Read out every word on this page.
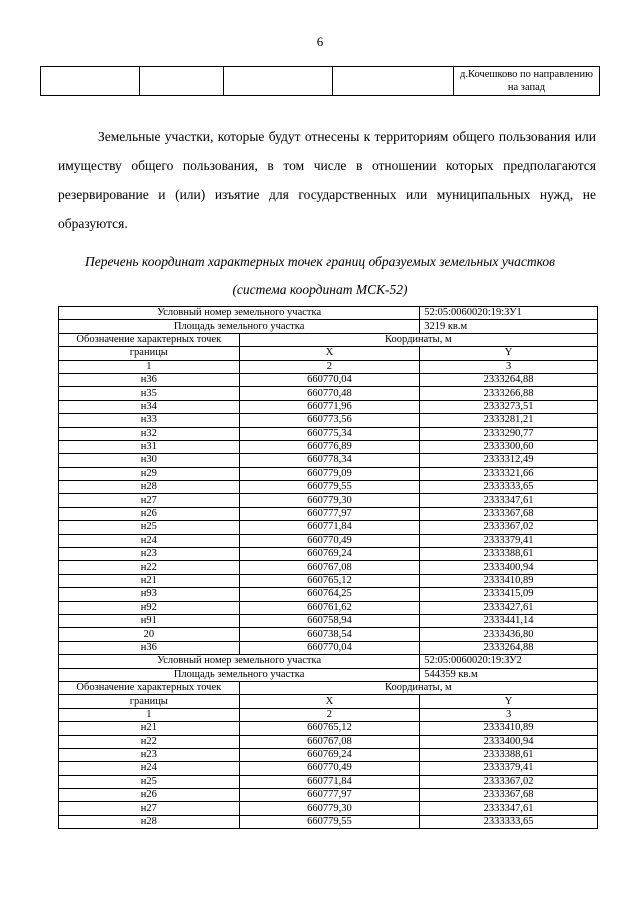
6
				д.Кочешково по направлению на запад
Земельные участки, которые будут отнесены к территориям общего пользования или имуществу общего пользования, в том числе в отношении которых предполагаются резервирование и (или) изъятие для государственных или муниципальных нужд, не образуются.
Перечень координат характерных точек границ образуемых земельных участков
(система координат МСК-52)
Условный номер земельного участка		52:05:0060020:19:ЗУ1
Площадь земельного участка		3219 кв.м
Обозначение характерных точек	Координаты, м	
границы	X	Y
1	2	3
н36	660770,04	2333264,88
н35	660770,48	2333266,88
н34	660771,96	2333273,51
н33	660773,56	2333281,21
н32	660775,34	2333290,77
н31	660776,89	2333300,60
н30	660778,34	2333312,49
н29	660779,09	2333321,66
н28	660779,55	2333333,65
н27	660779,30	2333347,61
н26	660777,97	2333367,68
н25	660771,84	2333367,02
н24	660770,49	2333379,41
н23	660769,24	2333388,61
н22	660767,08	2333400,94
н21	660765,12	2333410,89
н93	660764,25	2333415,09
н92	660761,62	2333427,61
н91	660758,94	2333441,14
20	660738,54	2333436,80
н36	660770,04	2333264,88
Условный номер земельного участка		52:05:0060020:19:ЗУ2
Площадь земельного участка		544359 кв.м
Обозначение характерных точек	Координаты, м	
границы	X	Y
1	2	3
н21	660765,12	2333410,89
н22	660767,08	2333400,94
н23	660769,24	2333388,61
н24	660770,49	2333379,41
н25	660771,84	2333367,02
н26	660777,97	2333367,68
н27	660779,30	2333347,61
н28	660779,55	2333333,65
